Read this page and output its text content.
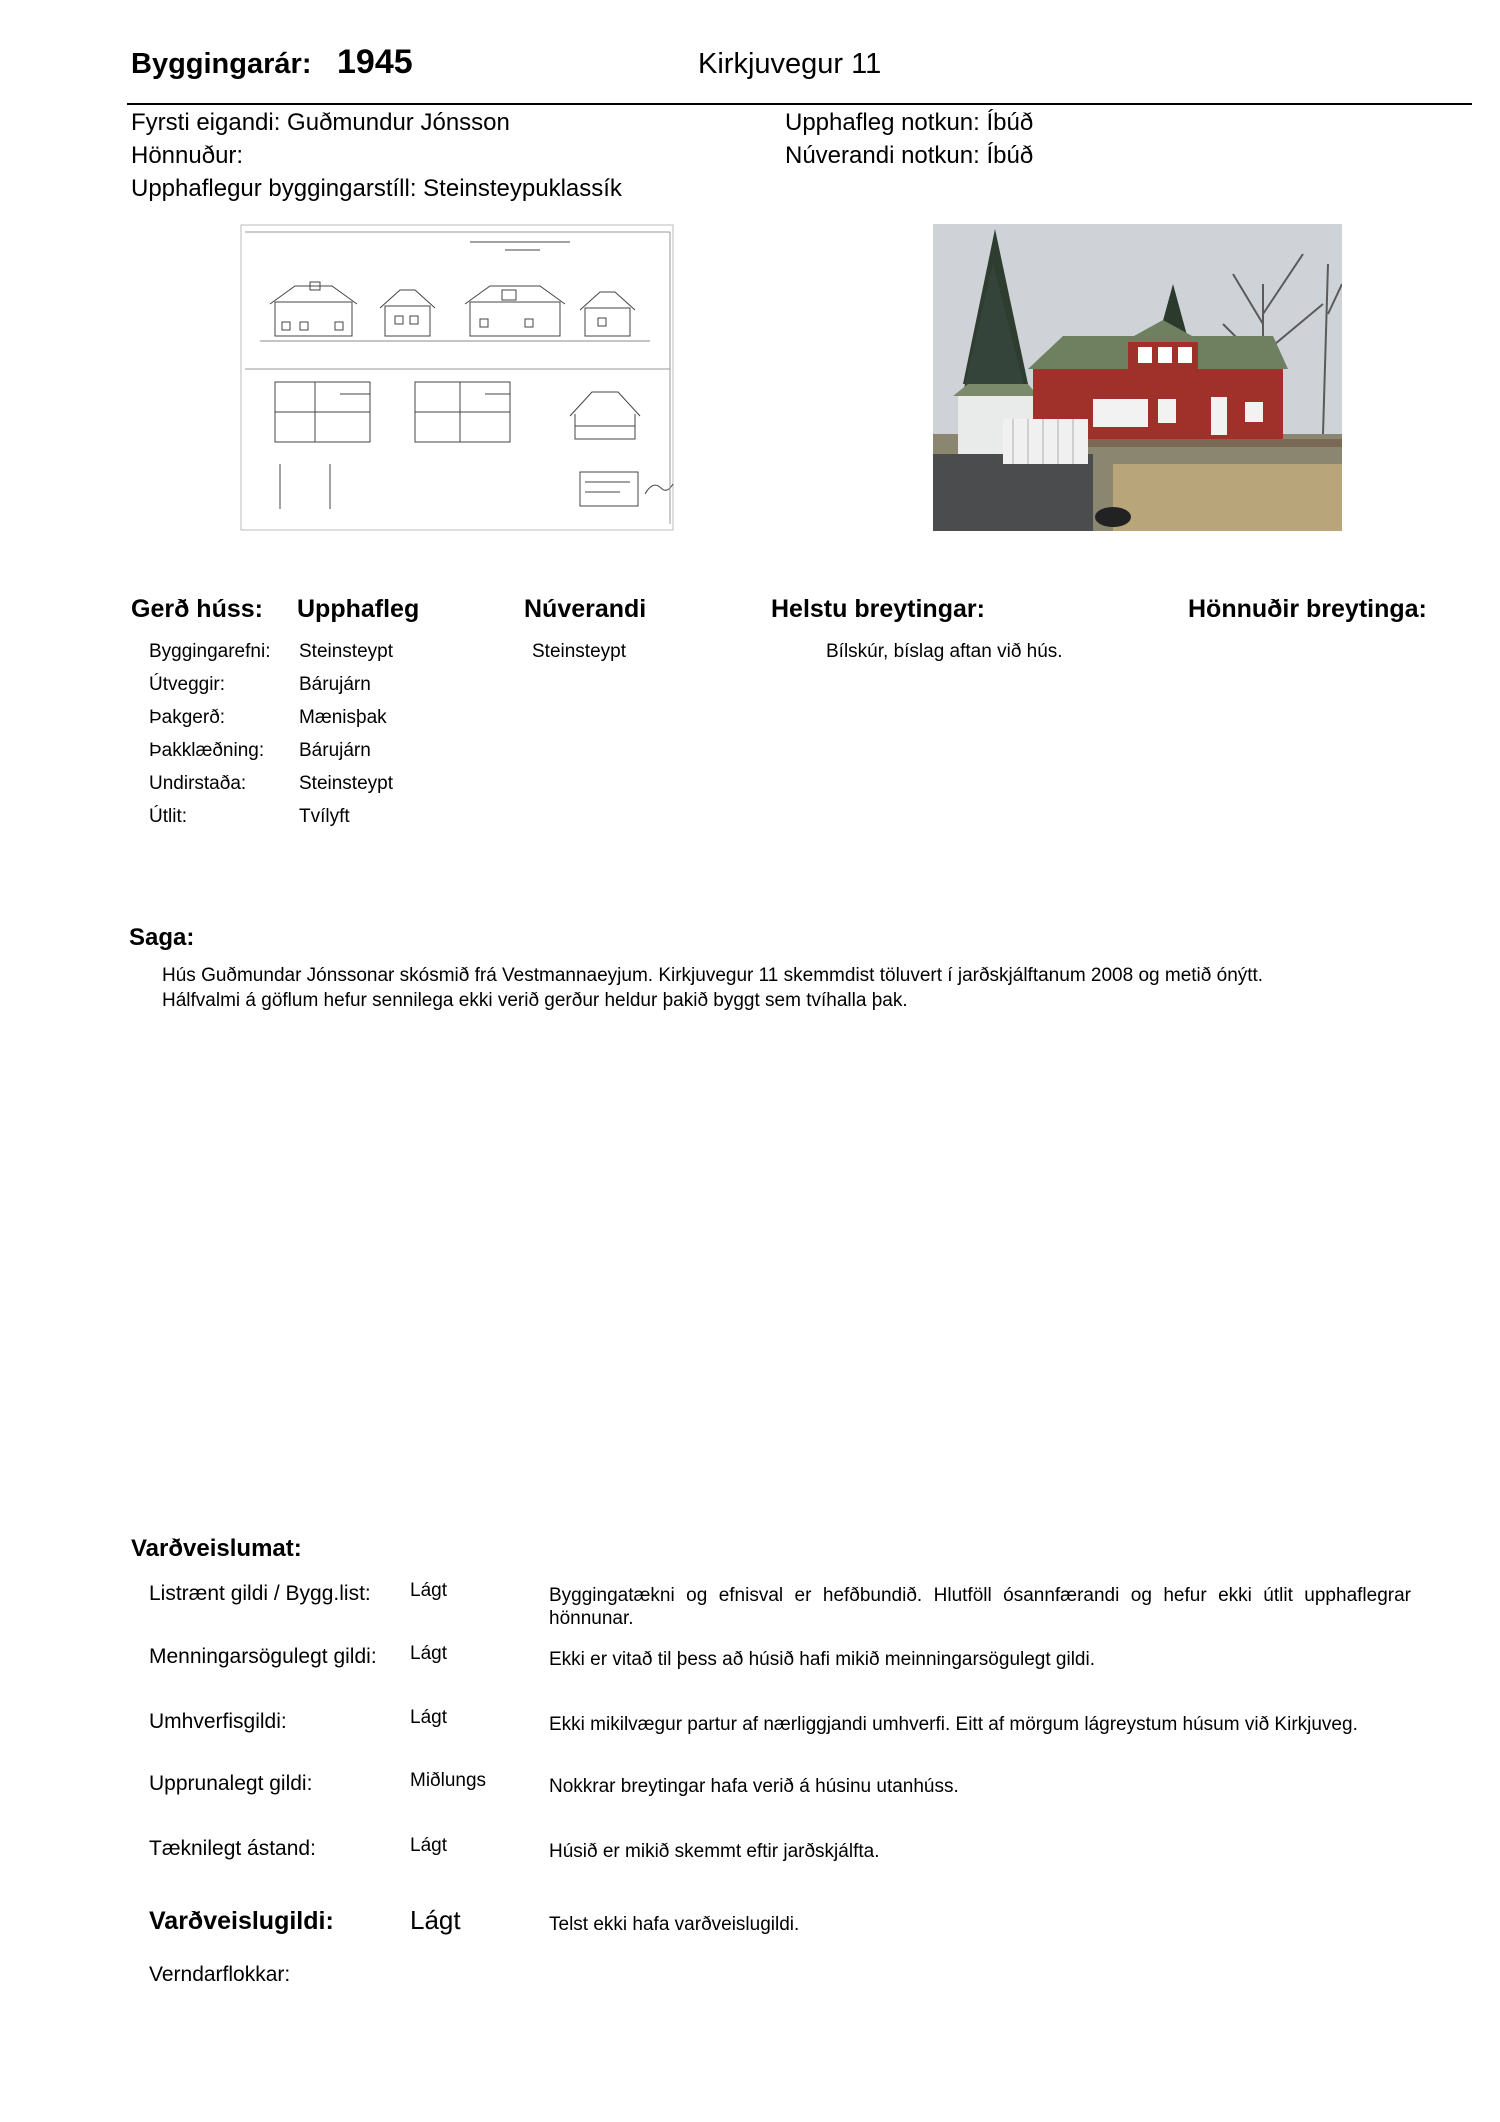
Byggingarár: 1945	Kirkjuvegur 11
Fyrsti eigandi: Guðmundur Jónsson
Hönnuður:
Upphaflegur byggingarstíll: Steinsteypuklassík
Upphafleg notkun: Íbúð
Núverandi notkun: Íbúð
Gerð húss: Upphafleg	Núverandi	Helstu breytingar:	Hönnuðir breytinga:
Byggingarefni: Steinsteypt	Steinsteypt	Bílskúr, bíslag aftan við hús.
Útveggir:	Bárujárn
Þakgerð:	Mænisþak
Þakklæðning: Bárujárn
Undirstaða:	Steinsteypt
Útlit:	Tvílyft
Saga:
Hús Guðmundar Jónssonar skósmið frá Vestmannaeyjum. Kirkjuvegur 11 skemmdist töluvert í jarðskjálftanum 2008 og metið ónýtt.
Hálfvalmi á göflum hefur sennilega ekki verið gerður heldur þakið byggt sem tvíhalla þak.
Varðveislumat:
Listrænt gildi / Bygg.list: Lágt	Byggingatækni og efnisval er hefðbundið. Hlutföll ósannfærandi og hefur ekki útlit upphaflegrar hönnunar.
Menningarsögulegt gildi: Lágt	Ekki er vitað til þess að húsið hafi mikið meinningarsögulegt gildi.
Umhverfisgildi:	Lágt	Ekki mikilvægur partur af nærliggjandi umhverfi. Eitt af mörgum lágreystum húsum við Kirkjuveg.
Upprunalegt gildi:	Miðlungs	Nokkrar breytingar hafa verið á húsinu utanhúss.
Tæknilegt ástand:	Lágt	Húsið er mikið skemmt eftir jarðskjálfta.
Varðveislugildi:	Lágt	Telst ekki hafa varðveislugildi.
Verndarflokkar:
